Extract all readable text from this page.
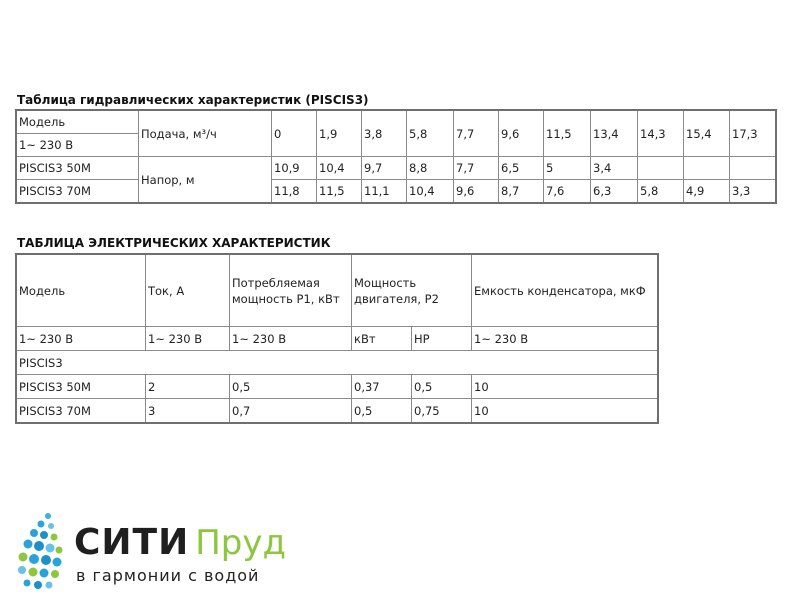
Таблица гидравлических характеристик (PISCIS3)
Модель	Подача, м³/ч	0	1,9	3,8	5,8	7,7	9,6	11,5	13,4	14,3	15,4	17,3
1~ 230 В												
PISCIS3 50M	Напор, м	10,9	10,4	9,7	8,8	7,7	6,5	5	3,4			
PISCIS3 70M		11,8	11,5	11,1	10,4	9,6	8,7	7,6	6,3	5,8	4,9	3,3
ТАБЛИЦА ЭЛЕКТРИЧЕСКИХ ХАРАКТЕРИСТИК
Модель	Ток, А	Потребляемая мощность Р1, кВт	Мощность двигателя, Р2		Емкость конденсатора, мкФ
1~ 230 В	1~ 230 В	1~ 230 В	кВт	HP	1~ 230 В
PISCIS3					
PISCIS3 50M	2	0,5	0,37	0,5	10
PISCIS3 70M	3	0,7	0,5	0,75	10
СИТИ Пруд
в гармонии с водой
